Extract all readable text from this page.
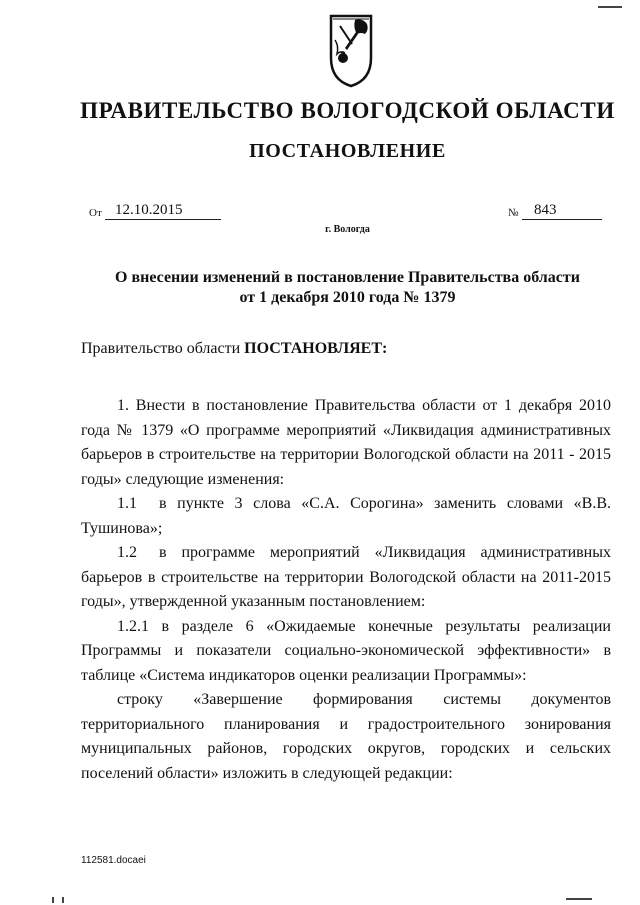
ПРАВИТЕЛЬСТВО ВОЛОГОДСКОЙ ОБЛАСТИ
ПОСТАНОВЛЕНИЕ
От 12.10.2015	№	843
г. Вологда
О внесении изменений в постановление Правительства области
от 1 декабря 2010 года № 1379
Правительство области ПОСТАНОВЛЯЕТ:

1. Внести в постановление Правительства области от 1 декабря 2010 года № 1379 «О программе мероприятий «Ликвидация административных барьеров в строительстве на территории Вологодской области на 2011 - 2015 годы» следующие изменения:

1.1 в пункте 3 слова «С.А. Сорогина» заменить словами «В.В. Тушинова»;

1.2 в программе мероприятий «Ликвидация административных барьеров в строительстве на территории Вологодской области на 2011-2015 годы», утвержденной указанным постановлением:

1.2.1 в разделе 6 «Ожидаемые конечные результаты реализации Программы и показатели социально-экономической эффективности» в таблице «Система индикаторов оценки реализации Программы»:

строку «Завершение формирования системы документов территориального планирования и градостроительного зонирования муниципальных районов, городских округов, городских и сельских поселений области» изложить в следующей редакции:

112581.docaei
